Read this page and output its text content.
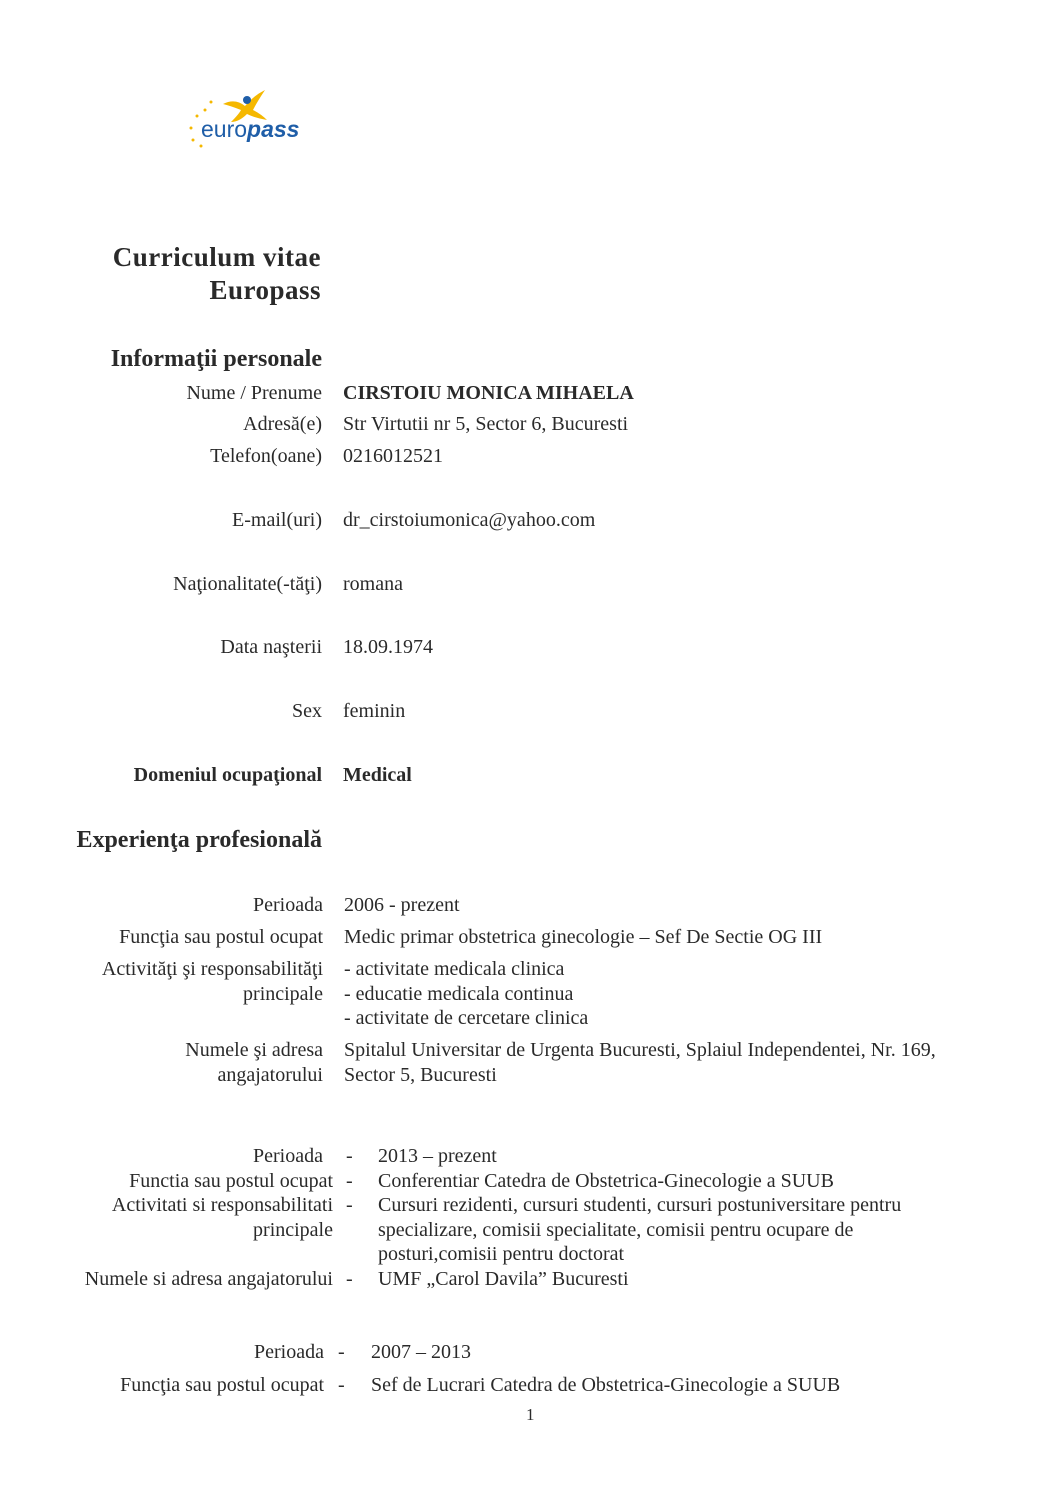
europass
Curriculum vitae
Europass
Informaţii personale
Nume / Prenume CIRSTOIU MONICA MIHAELA
Adresă(e) Str Virtutii nr 5, Sector 6, Bucuresti
Telefon(oane) 0216012521
E-mail(uri) dr_cirstoiumonica@yahoo.com
Naţionalitate(-tăţi) romana
Data naşterii 18.09.1974
Sex feminin
Domeniul ocupaţional Medical
Experienţa profesională
Perioada 2006 - prezent
Funcţia sau postul ocupat Medic primar obstetrica ginecologie – Sef De Sectie OG III
Activităţi şi responsabilităţi
principale
- activitate medicala clinica
- educatie medicala continua
- activitate de cercetare clinica
Numele şi adresa
angajatorului
Spitalul Universitar de Urgenta Bucuresti, Splaiul Independentei, Nr. 169,
Sector 5, Bucuresti
Perioada - 2013 – prezent
Functia sau postul ocupat - Conferentiar Catedra de Obstetrica-Ginecologie a SUUB
Activitati si responsabilitati -
principale
Cursuri rezidenti, cursuri studenti, cursuri postuniversitare pentru
specializare, comisii specialitate, comisii pentru ocupare de
posturi,comisii pentru doctorat
Numele si adresa angajatorului - UMF „Carol Davila” Bucuresti
Perioada - 2007 – 2013
Funcţia sau postul ocupat - Sef de Lucrari Catedra de Obstetrica-Ginecologie a SUUB
1
